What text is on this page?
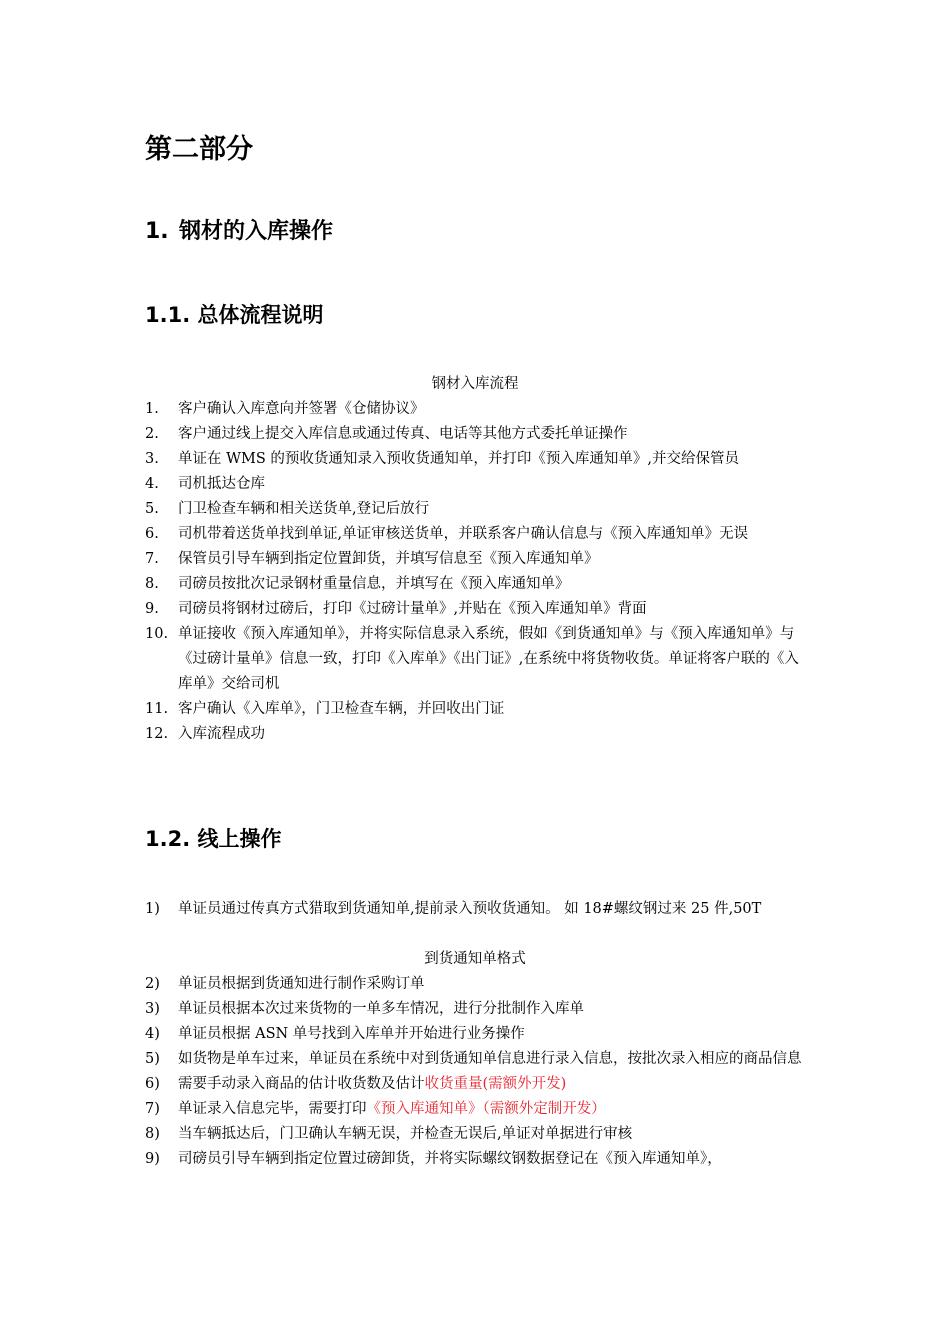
第二部分
1. 钢材的入库操作
1.1. 总体流程说明
钢材入库流程
1. 客户确认入库意向并签署《仓储协议》
2. 客户通过线上提交入库信息或通过传真、电话等其他方式委托单证操作
3. 单证在 WMS 的预收货通知录入预收货通知单，并打印《预入库通知单》,并交给保管员
4. 司机抵达仓库
5. 门卫检查车辆和相关送货单,登记后放行
6. 司机带着送货单找到单证,单证审核送货单，并联系客户确认信息与《预入库通知单》无误
7. 保管员引导车辆到指定位置卸货，并填写信息至《预入库通知单》
8. 司磅员按批次记录钢材重量信息，并填写在《预入库通知单》
9. 司磅员将钢材过磅后，打印《过磅计量单》,并贴在《预入库通知单》背面
10. 单证接收《预入库通知单》，并将实际信息录入系统，假如《到货通知单》与《预入库通知单》与《过磅计量单》信息一致，打印《入库单》《出门证》,在系统中将货物收货。单证将客户联的《入库单》交给司机
11. 客户确认《入库单》，门卫检查车辆，并回收出门证
12. 入库流程成功
1.2. 线上操作
1) 单证员通过传真方式猎取到货通知单,提前录入预收货通知。 如 18#螺纹钢过来 25 件,50T
到货通知单格式
2) 单证员根据到货通知进行制作采购订单
3) 单证员根据本次过来货物的一单多车情况，进行分批制作入库单
4) 单证员根据 ASN 单号找到入库单并开始进行业务操作
5) 如货物是单车过来，单证员在系统中对到货通知单信息进行录入信息，按批次录入相应的商品信息
6) 需要手动录入商品的估计收货数及估计收货重量(需额外开发)
7) 单证录入信息完毕，需要打印《预入库通知单》（需额外定制开发）
8) 当车辆抵达后，门卫确认车辆无误，并检查无误后,单证对单据进行审核
9) 司磅员引导车辆到指定位置过磅卸货，并将实际螺纹钢数据登记在《预入库通知单》，
